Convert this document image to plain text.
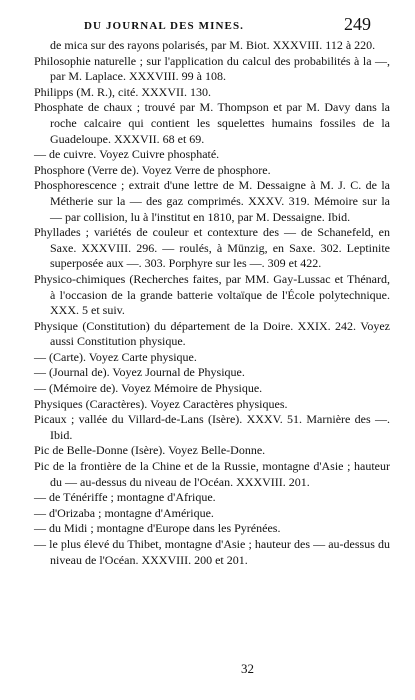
DU JOURNAL DES MINES.	249

de mica sur des rayons polarisés, par M. Biot. XXXVIII. 112 à 220.

Philosophie naturelle ; sur l'application du calcul des probabilités à la —, par M. Laplace. XXXVIII. 99 à 108.

Philipps (M. R.), cité. XXXVII. 130.

Phosphate de chaux ; trouvé par M. Thompson et par M. Davy dans la roche calcaire qui contient les squelettes humains fossiles de la Guadeloupe. XXXVII. 68 et 69.

— de cuivre. Voyez Cuivre phosphaté.

Phosphore (Verre de). Voyez Verre de phosphore.

Phosphorescence ; extrait d'une lettre de M. Dessaigne à M. J. C. de la Métherie sur la — des gaz comprimés. XXXV. 319. Mémoire sur la — par collision, lu à l'institut en 1810, par M. Dessaigne. Ibid.

Phyllades ; variétés de couleur et contexture des — de Schanefeld, en Saxe. XXXVIII. 296. — roulés, à Münzig, en Saxe. 302. Leptinite superposée aux —. 303. Porphyre sur les —. 309 et 422.

Physico-chimiques (Recherches faites, par MM. Gay-Lussac et Thénard, à l'occasion de la grande batterie voltaïque de l'École polytechnique. XXX. 5 et suiv.

Physique (Constitution) du département de la Doire. XXIX. 242. Voyez aussi Constitution physique.

— (Carte). Voyez Carte physique.

— (Journal de). Voyez Journal de Physique.

— (Mémoire de). Voyez Mémoire de Physique.

Physiques (Caractères). Voyez Caractères physiques.

Picaux ; vallée du Villard-de-Lans (Isère). XXXV. 51. Marnière des —. Ibid.

Pic de Belle-Donne (Isère). Voyez Belle-Donne.

Pic de la frontière de la Chine et de la Russie, montagne d'Asie ; hauteur du — au-dessus du niveau de l'Océan. XXXVIII. 201.

— de Ténériffe ; montagne d'Afrique.

— d'Orizaba ; montagne d'Amérique.

— du Midi ; montagne d'Europe dans les Pyrénées.

— le plus élevé du Thibet, montagne d'Asie ; hauteur des — au-dessus du niveau de l'Océan. XXXVIII. 200 et 201.

32
